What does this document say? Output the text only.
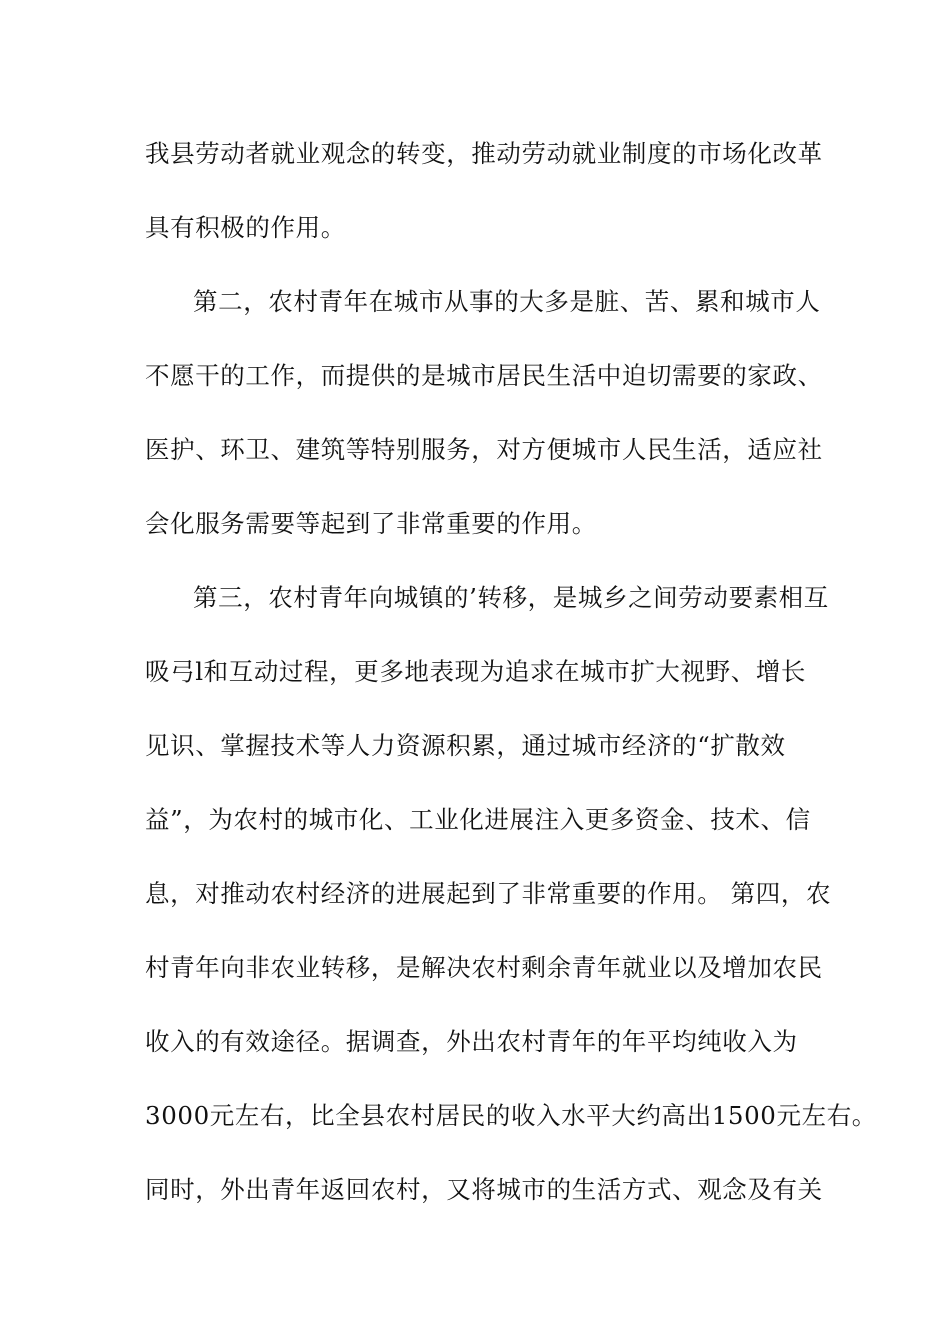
我县劳动者就业观念的转变，推动劳动就业制度的市场化改革
具有积极的作用。
第二，农村青年在城市从事的大多是脏、苦、累和城市人
不愿干的工作，而提供的是城市居民生活中迫切需要的家政、
医护、环卫、建筑等特别服务，对方便城市人民生活，适应社
会化服务需要等起到了非常重要的作用。
第三，农村青年向城镇的’转移，是城乡之间劳动要素相互
吸弓l和互动过程，更多地表现为追求在城市扩大视野、增长
见识、掌握技术等人力资源积累，通过城市经济的“扩散效
益”，为农村的城市化、工业化进展注入更多资金、技术、信
息，对推动农村经济的进展起到了非常重要的作用。 第四，农
村青年向非农业转移，是解决农村剩余青年就业以及增加农民
收入的有效途径。据调查，外出农村青年的年平均纯收入为
3000元左右，比全县农村居民的收入水平大约高出1500元左右。
同时，外出青年返回农村，又将城市的生活方式、观念及有关
